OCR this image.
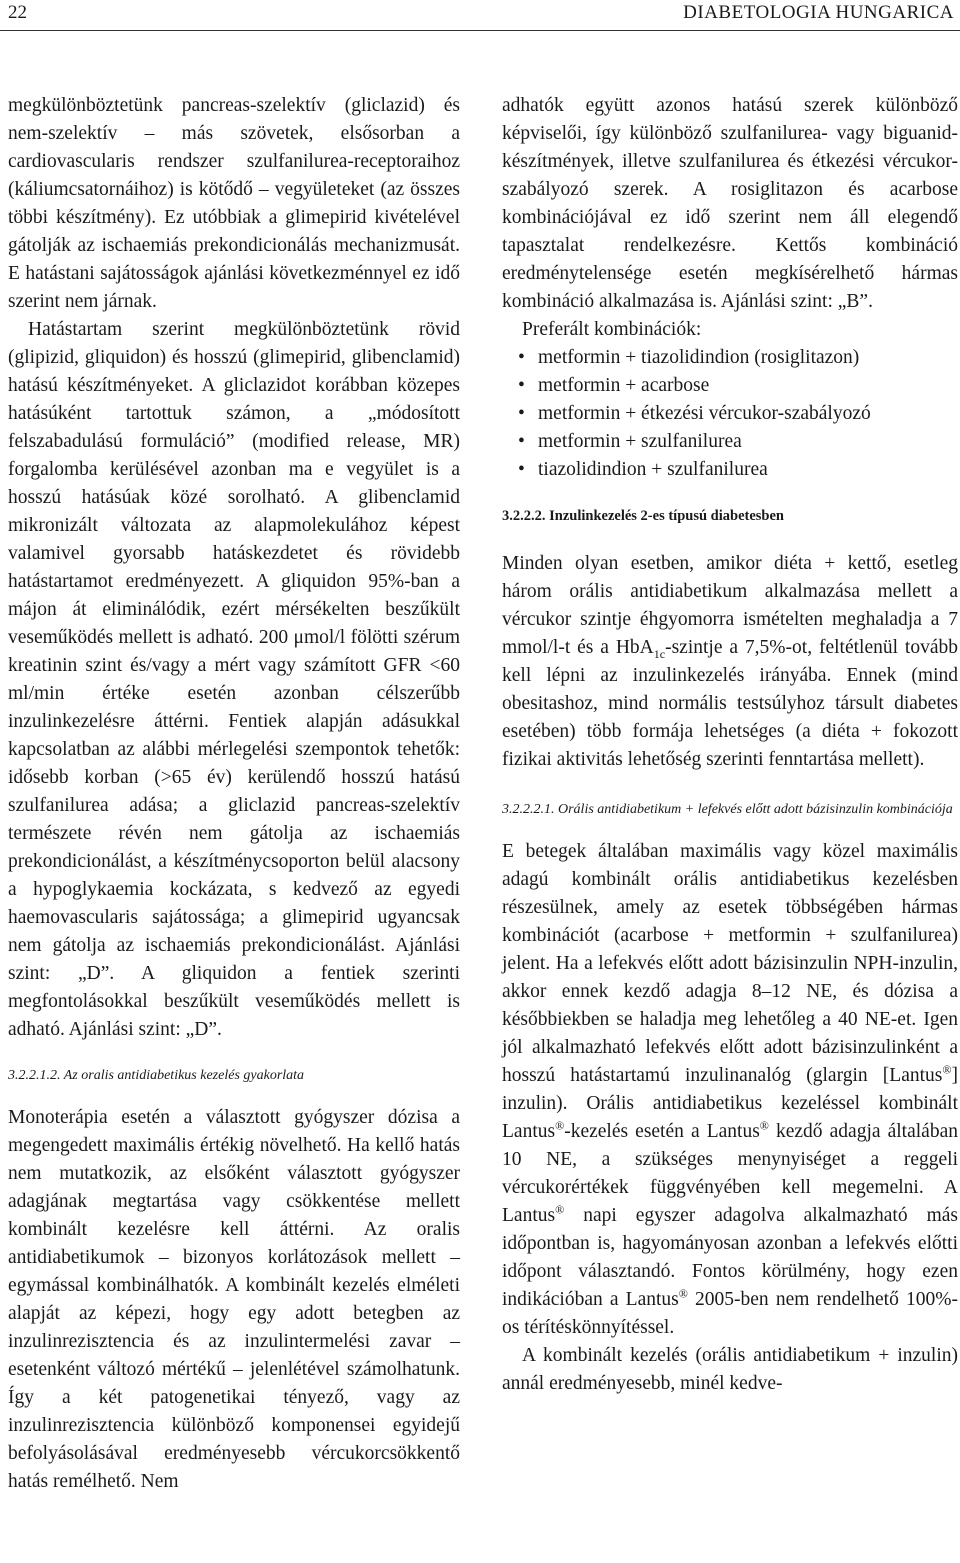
22	DIABETOLOGIA HUNGARICA

megkülönböztetünk pancreas-szelektív (gliclazid) és nem-szelektív – más szövetek, elsősorban a cardiovascularis rendszer szulfanilurea-receptoraihoz (káliumcsatornáihoz) is kötődő – vegyületeket (az összes többi készítmény). Ez utóbbiak a glimepirid kivételével gátolják az ischaemiás prekondicionálás mechanizmusát. E hatástani sajátosságok ajánlási következménnyel ez idő szerint nem járnak.

Hatástartam szerint megkülönböztetünk rövid (glipizid, gliquidon) és hosszú (glimepirid, glibenclamid) hatású készítményeket. A gliclazidot korábban közepes hatásúként tartottuk számon, a „módosított felszabadulású formuláció” (modified release, MR) forgalomba kerülésével azonban ma e vegyület is a hosszú hatásúak közé sorolható. A glibenclamid mikronizált változata az alapmolekulához képest valamivel gyorsabb hatáskezdetet és rövidebb hatástartamot eredményezett. A gliquidon 95%-ban a májon át eliminálódik, ezért mérsékelten beszűkült veseműködés mellett is adható. 200 μmol/l fölötti szérum kreatinin szint és/vagy a mért vagy számított GFR <60 ml/min értéke esetén azonban célszerűbb inzulinkezelésre áttérni. Fentiek alapján adásukkal kapcsolatban az alábbi mérlegelési szempontok tehetők: idősebb korban (>65 év) kerülendő hosszú hatású szulfanilurea adása; a gliclazid pancreas-szelektív természete révén nem gátolja az ischaemiás prekondicionálást, a készítménycsoporton belül alacsony a hypoglykaemia kockázata, s kedvező az egyedi haemovascularis sajátossága; a glimepirid ugyancsak nem gátolja az ischaemiás prekondicionálást. Ajánlási szint: „D”. A gliquidon a fentiek szerinti megfontolásokkal beszűkült veseműködés mellett is adható. Ajánlási szint: „D”.

3.2.2.1.2. Az oralis antidiabetikus kezelés gyakorlata

Monoterápia esetén a választott gyógyszer dózisa a megengedett maximális értékig növelhető. Ha kellő hatás nem mutatkozik, az elsőként választott gyógyszer adagjának megtartása vagy csökkentése mellett kombinált kezelésre kell áttérni. Az oralis antidiabetikumok – bizonyos korlátozások mellett – egymással kombinálhatók. A kombinált kezelés elméleti alapját az képezi, hogy egy adott betegben az inzulinrezisztencia és az inzulintermelési zavar – esetenként változó mértékű – jelenlétével számolhatunk. Így a két patogenetikai tényező, vagy az inzulinrezisztencia különböző komponensei egyidejű befolyásolásával eredményesebb vércukorcsökkentő hatás remélhető. Nem

adhatók együtt azonos hatású szerek különböző képviselői, így különböző szulfanilurea- vagy biguanid-készítmények, illetve szulfanilurea és étkezési vércukor-szabályozó szerek. A rosiglitazon és acarbose kombinációjával ez idő szerint nem áll elegendő tapasztalat rendelkezésre. Kettős kombináció eredménytelensége esetén megkísérelhető hármas kombináció alkalmazása is. Ajánlási szint: „B”.

Preferált kombinációk:

• metformin + tiazolidindion (rosiglitazon)
• metformin + acarbose
• metformin + étkezési vércukor-szabályozó
• metformin + szulfanilurea
• tiazolidindion + szulfanilurea

3.2.2.2. Inzulinkezelés 2-es típusú diabetesben

Minden olyan esetben, amikor diéta + kettő, esetleg három orális antidiabetikum alkalmazása mellett a vércukor szintje éhgyomorra ismételten meghaladja a 7 mmol/l-t és a HbA$_{1c}$-szintje a 7,5%-ot, feltétlenül tovább kell lépni az inzulinkezelés irányába. Ennek (mind obesitashoz, mind normális testsúlyhoz társult diabetes esetében) több formája lehetséges (a diéta + fokozott fizikai aktivitás lehetőség szerinti fenntartása mellett).

3.2.2.2.1. Orális antidiabetikum + lefekvés előtt adott bázisinzulin kombinációja

E betegek általában maximális vagy közel maximális adagú kombinált orális antidiabetikus kezelésben részesülnek, amely az esetek többségében hármas kombinációt (acarbose + metformin + szulfanilurea) jelent. Ha a lefekvés előtt adott bázisinzulin NPH-inzulin, akkor ennek kezdő adagja 8–12 NE, és dózisa a későbbiekben se haladja meg lehetőleg a 40 NE-et. Igen jól alkalmazható lefekvés előtt adott bázisinzulinként a hosszú hatástartamú inzulinanalóg (glargin [Lantus®] inzulin). Orális antidiabetikus kezeléssel kombinált Lantus®-kezelés esetén a Lantus® kezdő adagja általában 10 NE, a szükséges menynyiséget a reggeli vércukorértékek függvényében kell megemelni. A Lantus® napi egyszer adagolva alkalmazható más időpontban is, hagyományosan azonban a lefekvés előtti időpont választandó. Fontos körülmény, hogy ezen indikációban a Lantus® 2005-ben nem rendelhető 100%-os térítéskönnyítéssel.

A kombinált kezelés (orális antidiabetikum + inzulin) annál eredményesebb, minél kedve-
